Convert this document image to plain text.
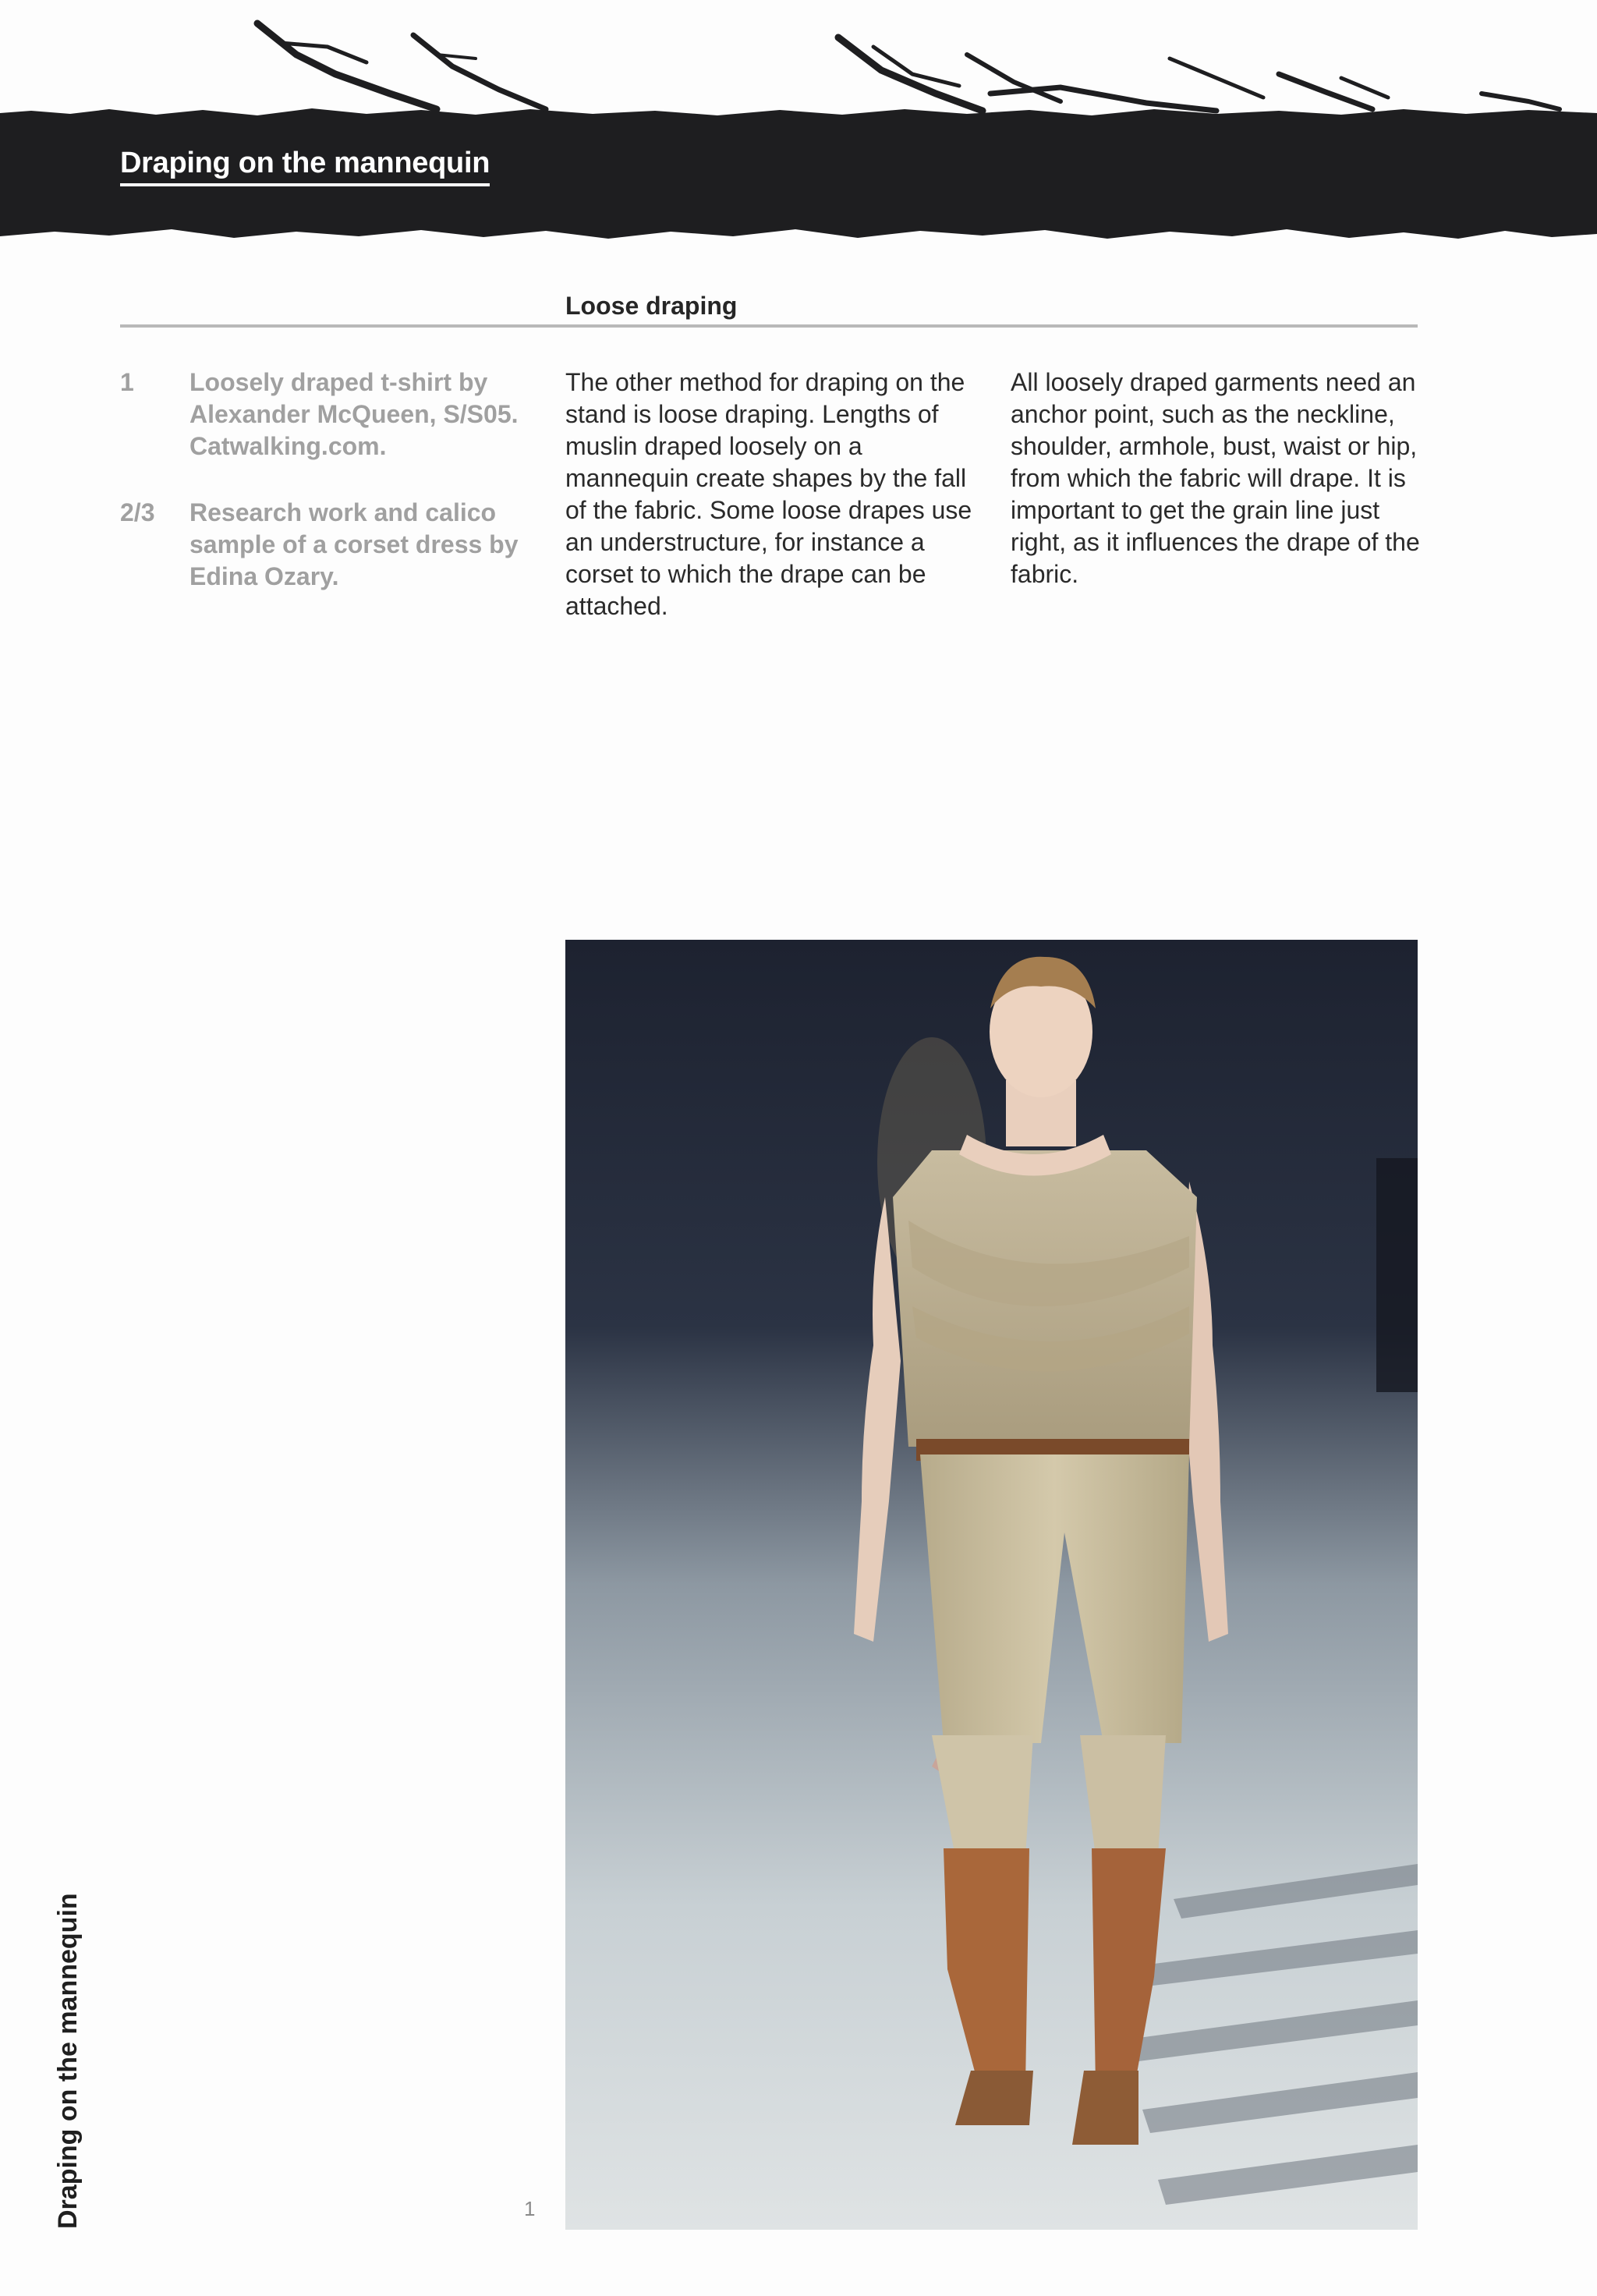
Draping on the mannequin
Loose draping
1	Loosely draped t-shirt by Alexander McQueen, S/S05. Catwalking.com.
2/3	Research work and calico sample of a corset dress by Edina Ozary.
The other method for draping on the stand is loose draping. Lengths of muslin draped loosely on a mannequin create shapes by the fall of the fabric. Some loose drapes use an understructure, for instance a corset to which the drape can be attached.
All loosely draped garments need an anchor point, such as the neckline, shoulder, armhole, bust, waist or hip, from which the fabric will drape. It is important to get the grain line just right, as it influences the drape of the fabric.
1
Draping on the mannequin
